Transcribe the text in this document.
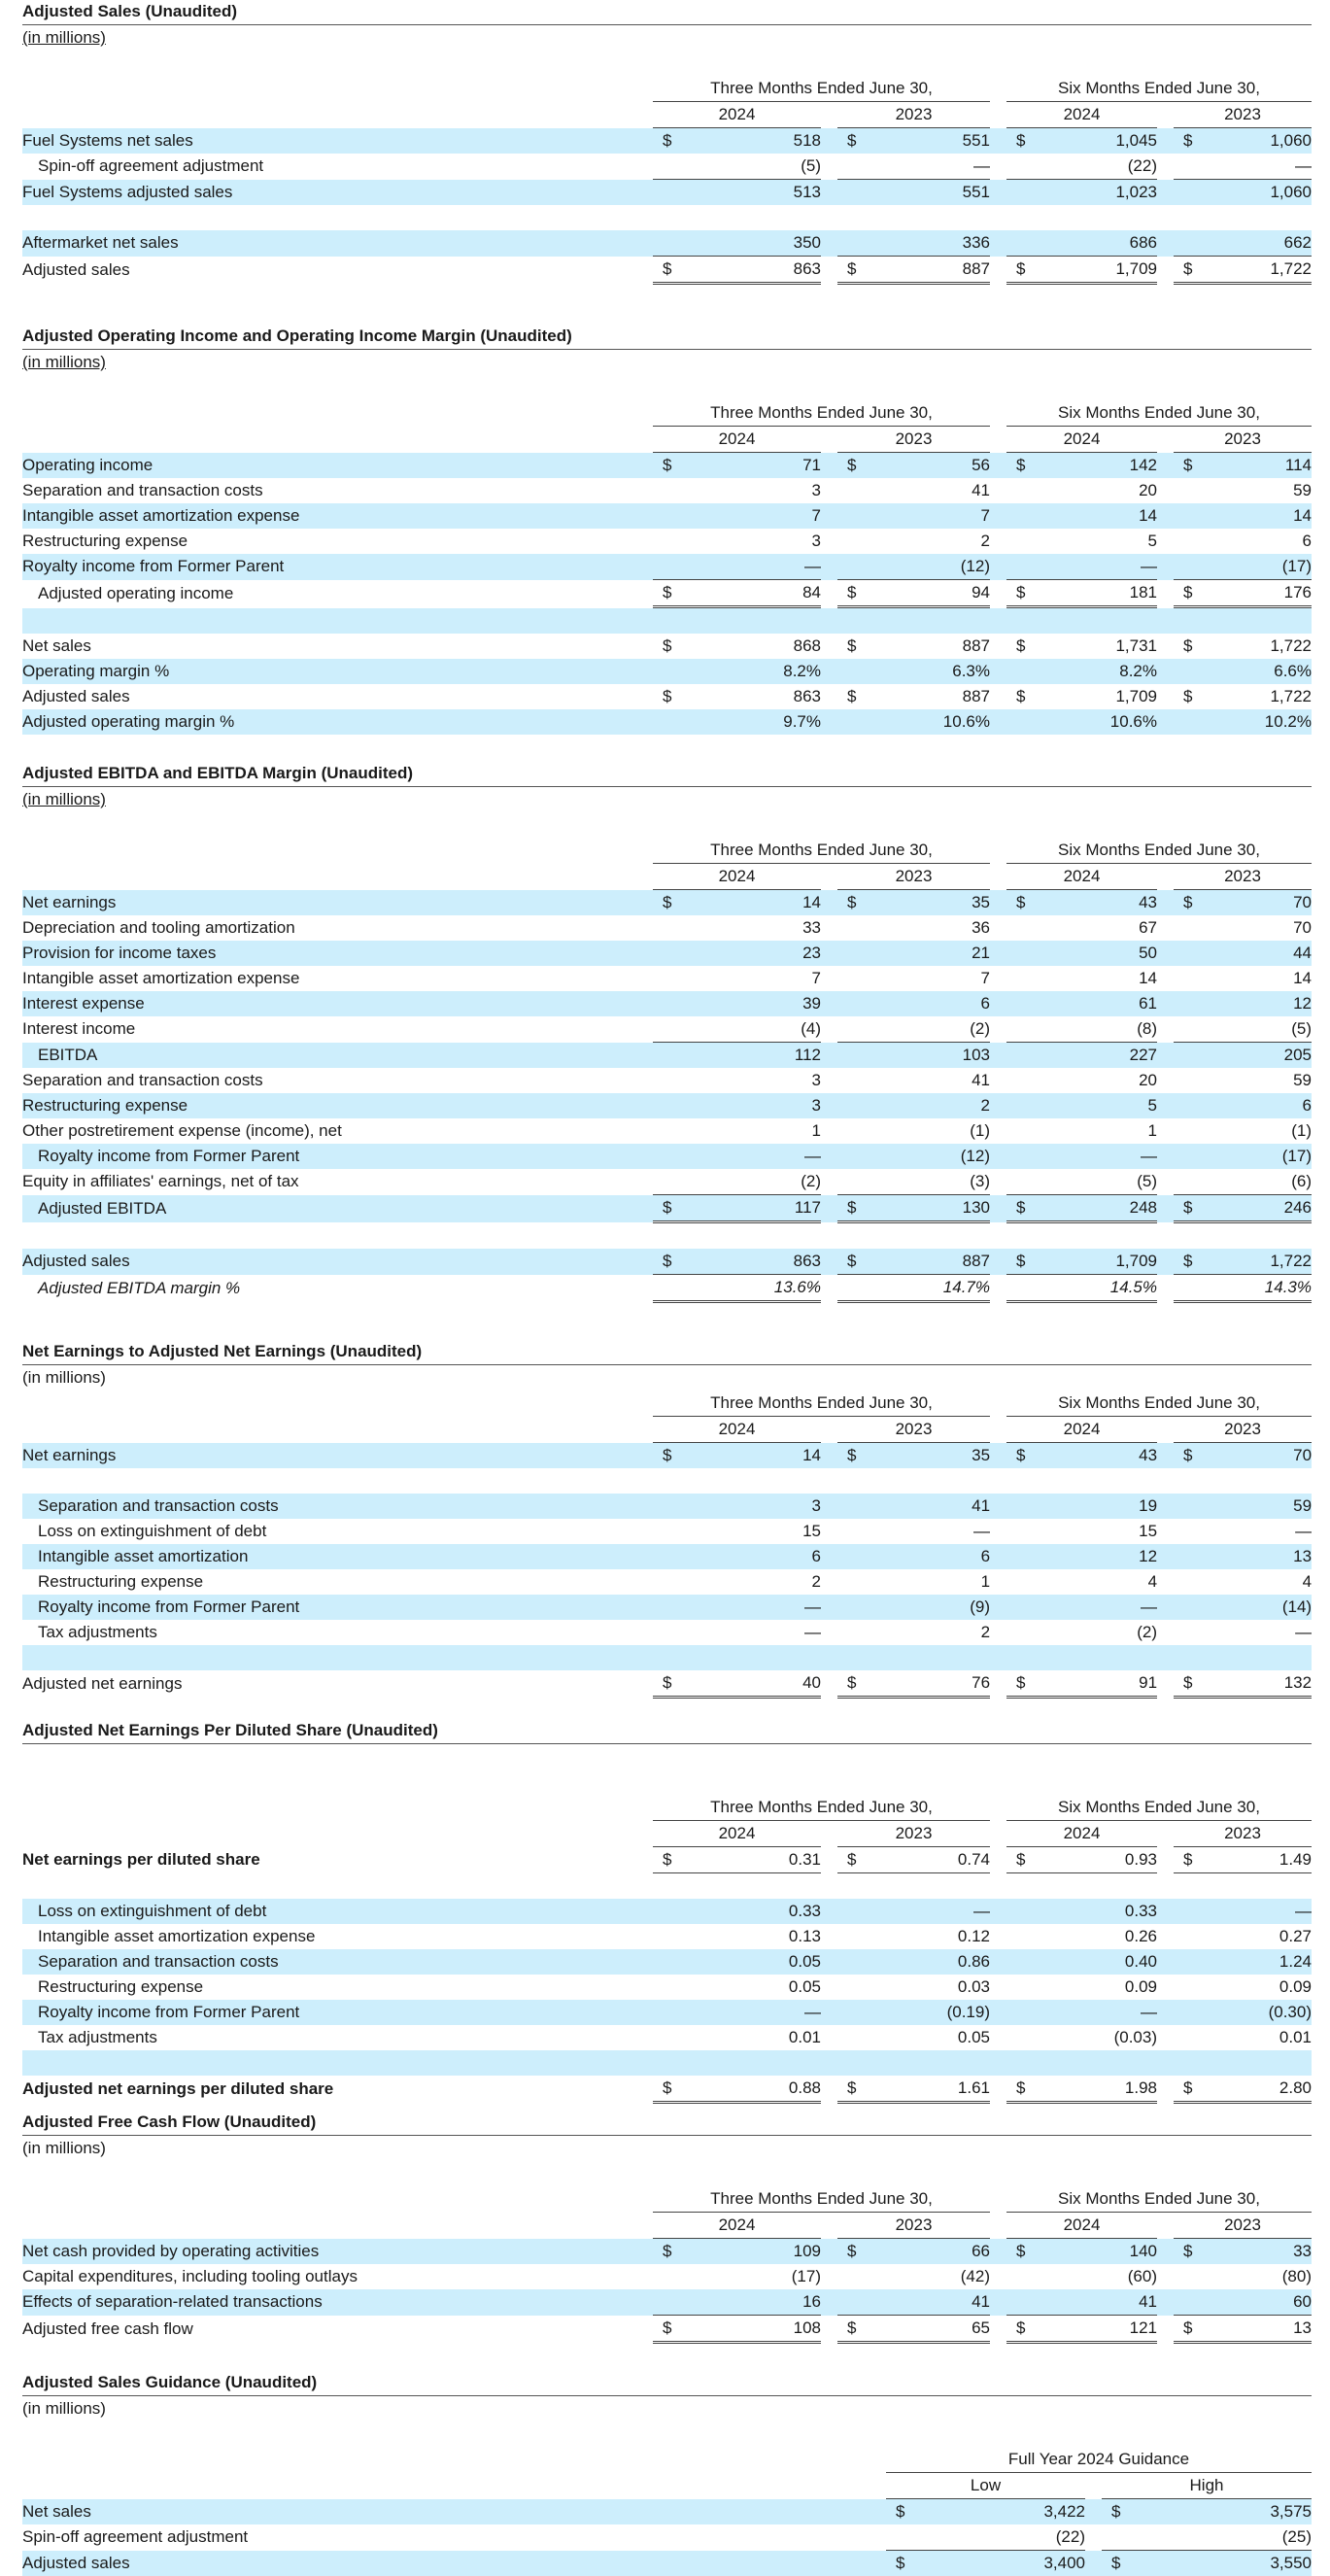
Adjusted Sales (Unaudited)
(in millions)

	Three Months Ended June 30,						Six Months Ended June 30,				
	2024			2023			2024			2023	
Fuel Systems net sales	$	518		$	551		$	1,045		$	1,060
Spin-off agreement adjustment		(5)			—			(22)			—
Fuel Systems adjusted sales		513			551			1,023			1,060

Aftermarket net sales		350			336			686			662
Adjusted sales	$	863		$	887		$	1,709		$	1,722
Adjusted Operating Income and Operating Income Margin (Unaudited)
(in millions)

	Three Months Ended June 30,						Six Months Ended June 30,				
	2024			2023			2024			2023	
Operating income	$	71		$	56		$	142		$	114
Separation and transaction costs		3			41			20			59
Intangible asset amortization expense		7			7			14			14
Restructuring expense		3			2			5			6
Royalty income from Former Parent		—			(12)			—			(17)
Adjusted operating income	$	84		$	94		$	181		$	176

Net sales	$	868		$	887		$	1,731		$	1,722
Operating margin %		8.2%			6.3%			8.2%			6.6%
Adjusted sales	$	863		$	887		$	1,709		$	1,722
Adjusted operating margin %		9.7%			10.6%			10.6%			10.2%
Adjusted EBITDA and EBITDA Margin (Unaudited)
(in millions)

	Three Months Ended June 30,						Six Months Ended June 30,				
	2024			2023			2024			2023	
Net earnings	$	14		$	35		$	43		$	70
Depreciation and tooling amortization		33			36			67			70
Provision for income taxes		23			21			50			44
Intangible asset amortization expense		7			7			14			14
Interest expense		39			6			61			12
Interest income		(4)			(2)			(8)			(5)
EBITDA		112			103			227			205
Separation and transaction costs		3			41			20			59
Restructuring expense		3			2			5			6
Other postretirement expense (income), net		1			(1)			1			(1)
Royalty income from Former Parent		—			(12)			—			(17)
Equity in affiliates' earnings, net of tax		(2)			(3)			(5)			(6)
Adjusted EBITDA	$	117		$	130		$	248		$	246

Adjusted sales	$	863		$	887		$	1,709		$	1,722
Adjusted EBITDA margin %		13.6%			14.7%			14.5%			14.3%
Net Earnings to Adjusted Net Earnings (Unaudited)
(in millions)
	Three Months Ended June 30,						Six Months Ended June 30,				
	2024			2023			2024			2023	
Net earnings	$	14		$	35		$	43		$	70

Separation and transaction costs		3			41			19			59
Loss on extinguishment of debt		15			—			15			—
Intangible asset amortization		6			6			12			13
Restructuring expense		2			1			4			4
Royalty income from Former Parent		—			(9)			—			(14)
Tax adjustments		—			2			(2)			—

Adjusted net earnings	$	40		$	76		$	91		$	132
Adjusted Net Earnings Per Diluted Share (Unaudited)

	Three Months Ended June 30,						Six Months Ended June 30,				
	2024			2023			2024			2023	
Net earnings per diluted share	$	0.31		$	0.74		$	0.93		$	1.49

Loss on extinguishment of debt		0.33			—			0.33			—
Intangible asset amortization expense		0.13			0.12			0.26			0.27
Separation and transaction costs		0.05			0.86			0.40			1.24
Restructuring expense		0.05			0.03			0.09			0.09
Royalty income from Former Parent		—			(0.19)			—			(0.30)
Tax adjustments		0.01			0.05			(0.03)			0.01

Adjusted net earnings per diluted share	$	0.88		$	1.61		$	1.98		$	2.80
Adjusted Free Cash Flow (Unaudited)
(in millions)

	Three Months Ended June 30,						Six Months Ended June 30,				
	2024			2023			2024			2023	
Net cash provided by operating activities	$	109		$	66		$	140		$	33
Capital expenditures, including tooling outlays		(17)			(42)			(60)			(80)
Effects of separation-related transactions		16			41			41			60
Adjusted free cash flow	$	108		$	65		$	121		$	13
Adjusted Sales Guidance (Unaudited)
(in millions)

	Full Year 2024 Guidance				
	Low			High	
Net sales	$	3,422		$	3,575
Spin-off agreement adjustment		(22)			(25)
Adjusted sales	$	3,400		$	3,550
